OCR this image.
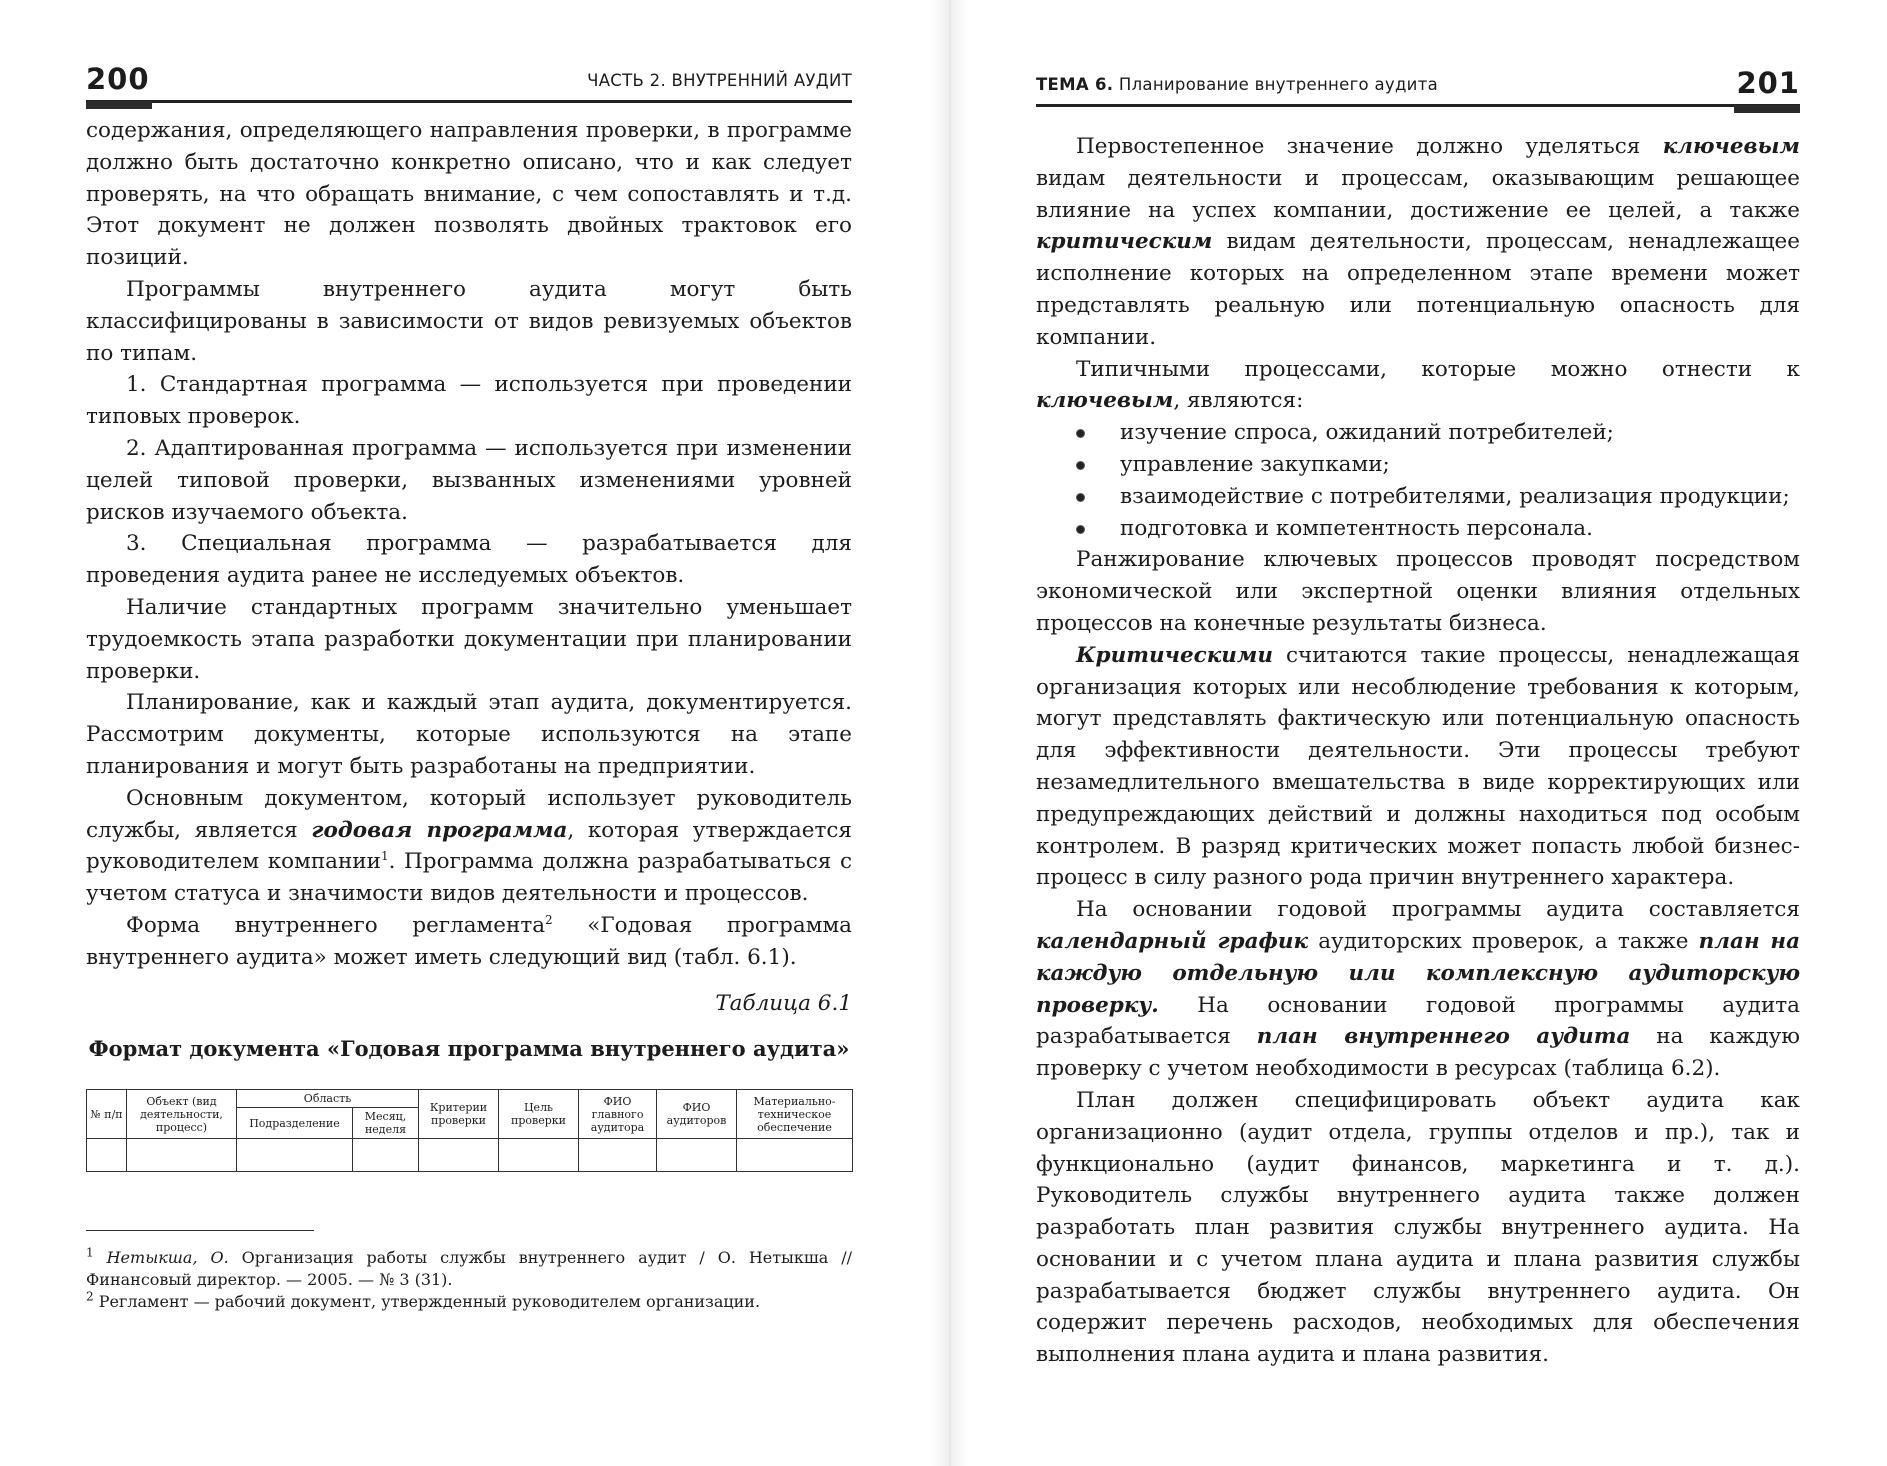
200	ЧАСТЬ 2. ВНУТРЕННИЙ АУДИТ

содержания, определяющего направления проверки, в программе должно быть достаточно конкретно описано, что и как следует проверять, на что обращать внимание, с чем сопоставлять и т.д. Этот документ не должен позволять двойных трактовок его позиций.

Программы внутреннего аудита могут быть классифицированы в зависимости от видов ревизуемых объектов по типам.

1. Стандартная программа — используется при проведении типовых проверок.

2. Адаптированная программа — используется при изменении целей типовой проверки, вызванных изменениями уровней рисков изучаемого объекта.

3. Специальная программа — разрабатывается для проведения аудита ранее не исследуемых объектов.

Наличие стандартных программ значительно уменьшает трудоемкость этапа разработки документации при планировании проверки.

Планирование, как и каждый этап аудита, документируется. Рассмотрим документы, которые используются на этапе планирования и могут быть разработаны на предприятии.

Основным документом, который использует руководитель службы, является годовая программа, которая утверждается руководителем компании$^1$. Программа должна разрабатываться с учетом статуса и значимости видов деятельности и процессов.

Форма внутреннего регламента$^2$ «Годовая программа внутреннего аудита» может иметь следующий вид (табл. 6.1).

Таблица 6.1
Формат документа «Годовая программа внутреннего аудита»
№ п/п	Объект (вид деятельности, процесс)	Область		Критерии проверки	Цель проверки	ФИО главного аудитора	ФИО аудиторов	Материально-техническое обеспечение
		Подразделение	Месяц, неделя					

$^1$ Нетыкша, О. Организация работы службы внутреннего аудит / О. Нетыкша // Финансовый директор. — 2005. — № 3 (31).

$^2$ Регламент — рабочий документ, утвержденный руководителем организации.

ТЕМА 6. Планирование внутреннего аудита	201

Первостепенное значение должно уделяться ключевым видам деятельности и процессам, оказывающим решающее влияние на успех компании, достижение ее целей, а также критическим видам деятельности, процессам, ненадлежащее исполнение которых на определенном этапе времени может представлять реальную или потенциальную опасность для компании.

Типичными процессами, которые можно отнести к ключевым, являются:

изучение спроса, ожиданий потребителей;
управление закупками;
взаимодействие с потребителями, реализация продукции;
подготовка и компетентность персонала.

Ранжирование ключевых процессов проводят посредством экономической или экспертной оценки влияния отдельных процессов на конечные результаты бизнеса.

Критическими считаются такие процессы, ненадлежащая организация которых или несоблюдение требования к которым, могут представлять фактическую или потенциальную опасность для эффективности деятельности. Эти процессы требуют незамедлительного вмешательства в виде корректирующих или предупреждающих действий и должны находиться под особым контролем. В разряд критических может попасть любой бизнес-процесс в силу разного рода причин внутреннего характера.

На основании годовой программы аудита составляется календарный график аудиторских проверок, а также план на каждую отдельную или комплексную аудиторскую проверку. На основании годовой программы аудита разрабатывается план внутреннего аудита на каждую проверку с учетом необходимости в ресурсах (таблица 6.2).

План должен специфицировать объект аудита как организационно (аудит отдела, группы отделов и пр.), так и функционально (аудит финансов, маркетинга и т. д.). Руководитель службы внутреннего аудита также должен разработать план развития службы внутреннего аудита. На основании и с учетом плана аудита и плана развития службы разрабатывается бюджет службы внутреннего аудита. Он содержит перечень расходов, необходимых для обеспечения выполнения плана аудита и плана развития.
